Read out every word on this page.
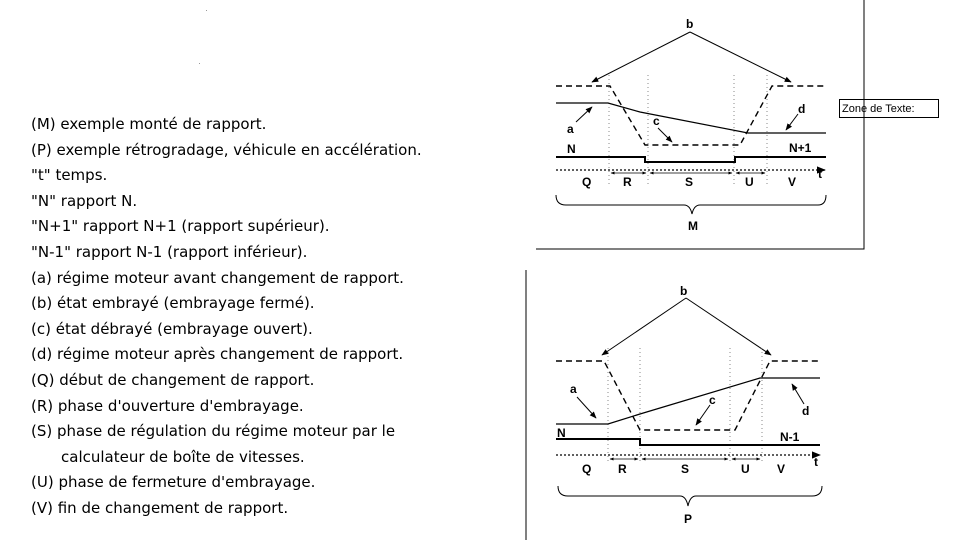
(M) exemple monté de rapport.
(P) exemple rétrogradage, véhicule en accélération.
"t" temps.
"N" rapport N.
"N+1" rapport N+1 (rapport supérieur).
"N-1" rapport N-1 (rapport inférieur).
(a) régime moteur avant changement de rapport.
(b) état embrayé (embrayage fermé).
(c) état débrayé (embrayage ouvert).
(d) régime moteur après changement de rapport.
(Q) début de changement de rapport.
(R) phase d'ouverture d'embrayage.
(S) phase de régulation du régime moteur par le
calculateur de boîte de vitesses.
(U) phase de fermeture d'embrayage.
(V) fin de changement de rapport.
Zone de Texte:
b
t
Q	R	S	U	V
a
c
d
N	N+1
M
b
t
Q R	S	U V
a
c
d
N	N-1
P
